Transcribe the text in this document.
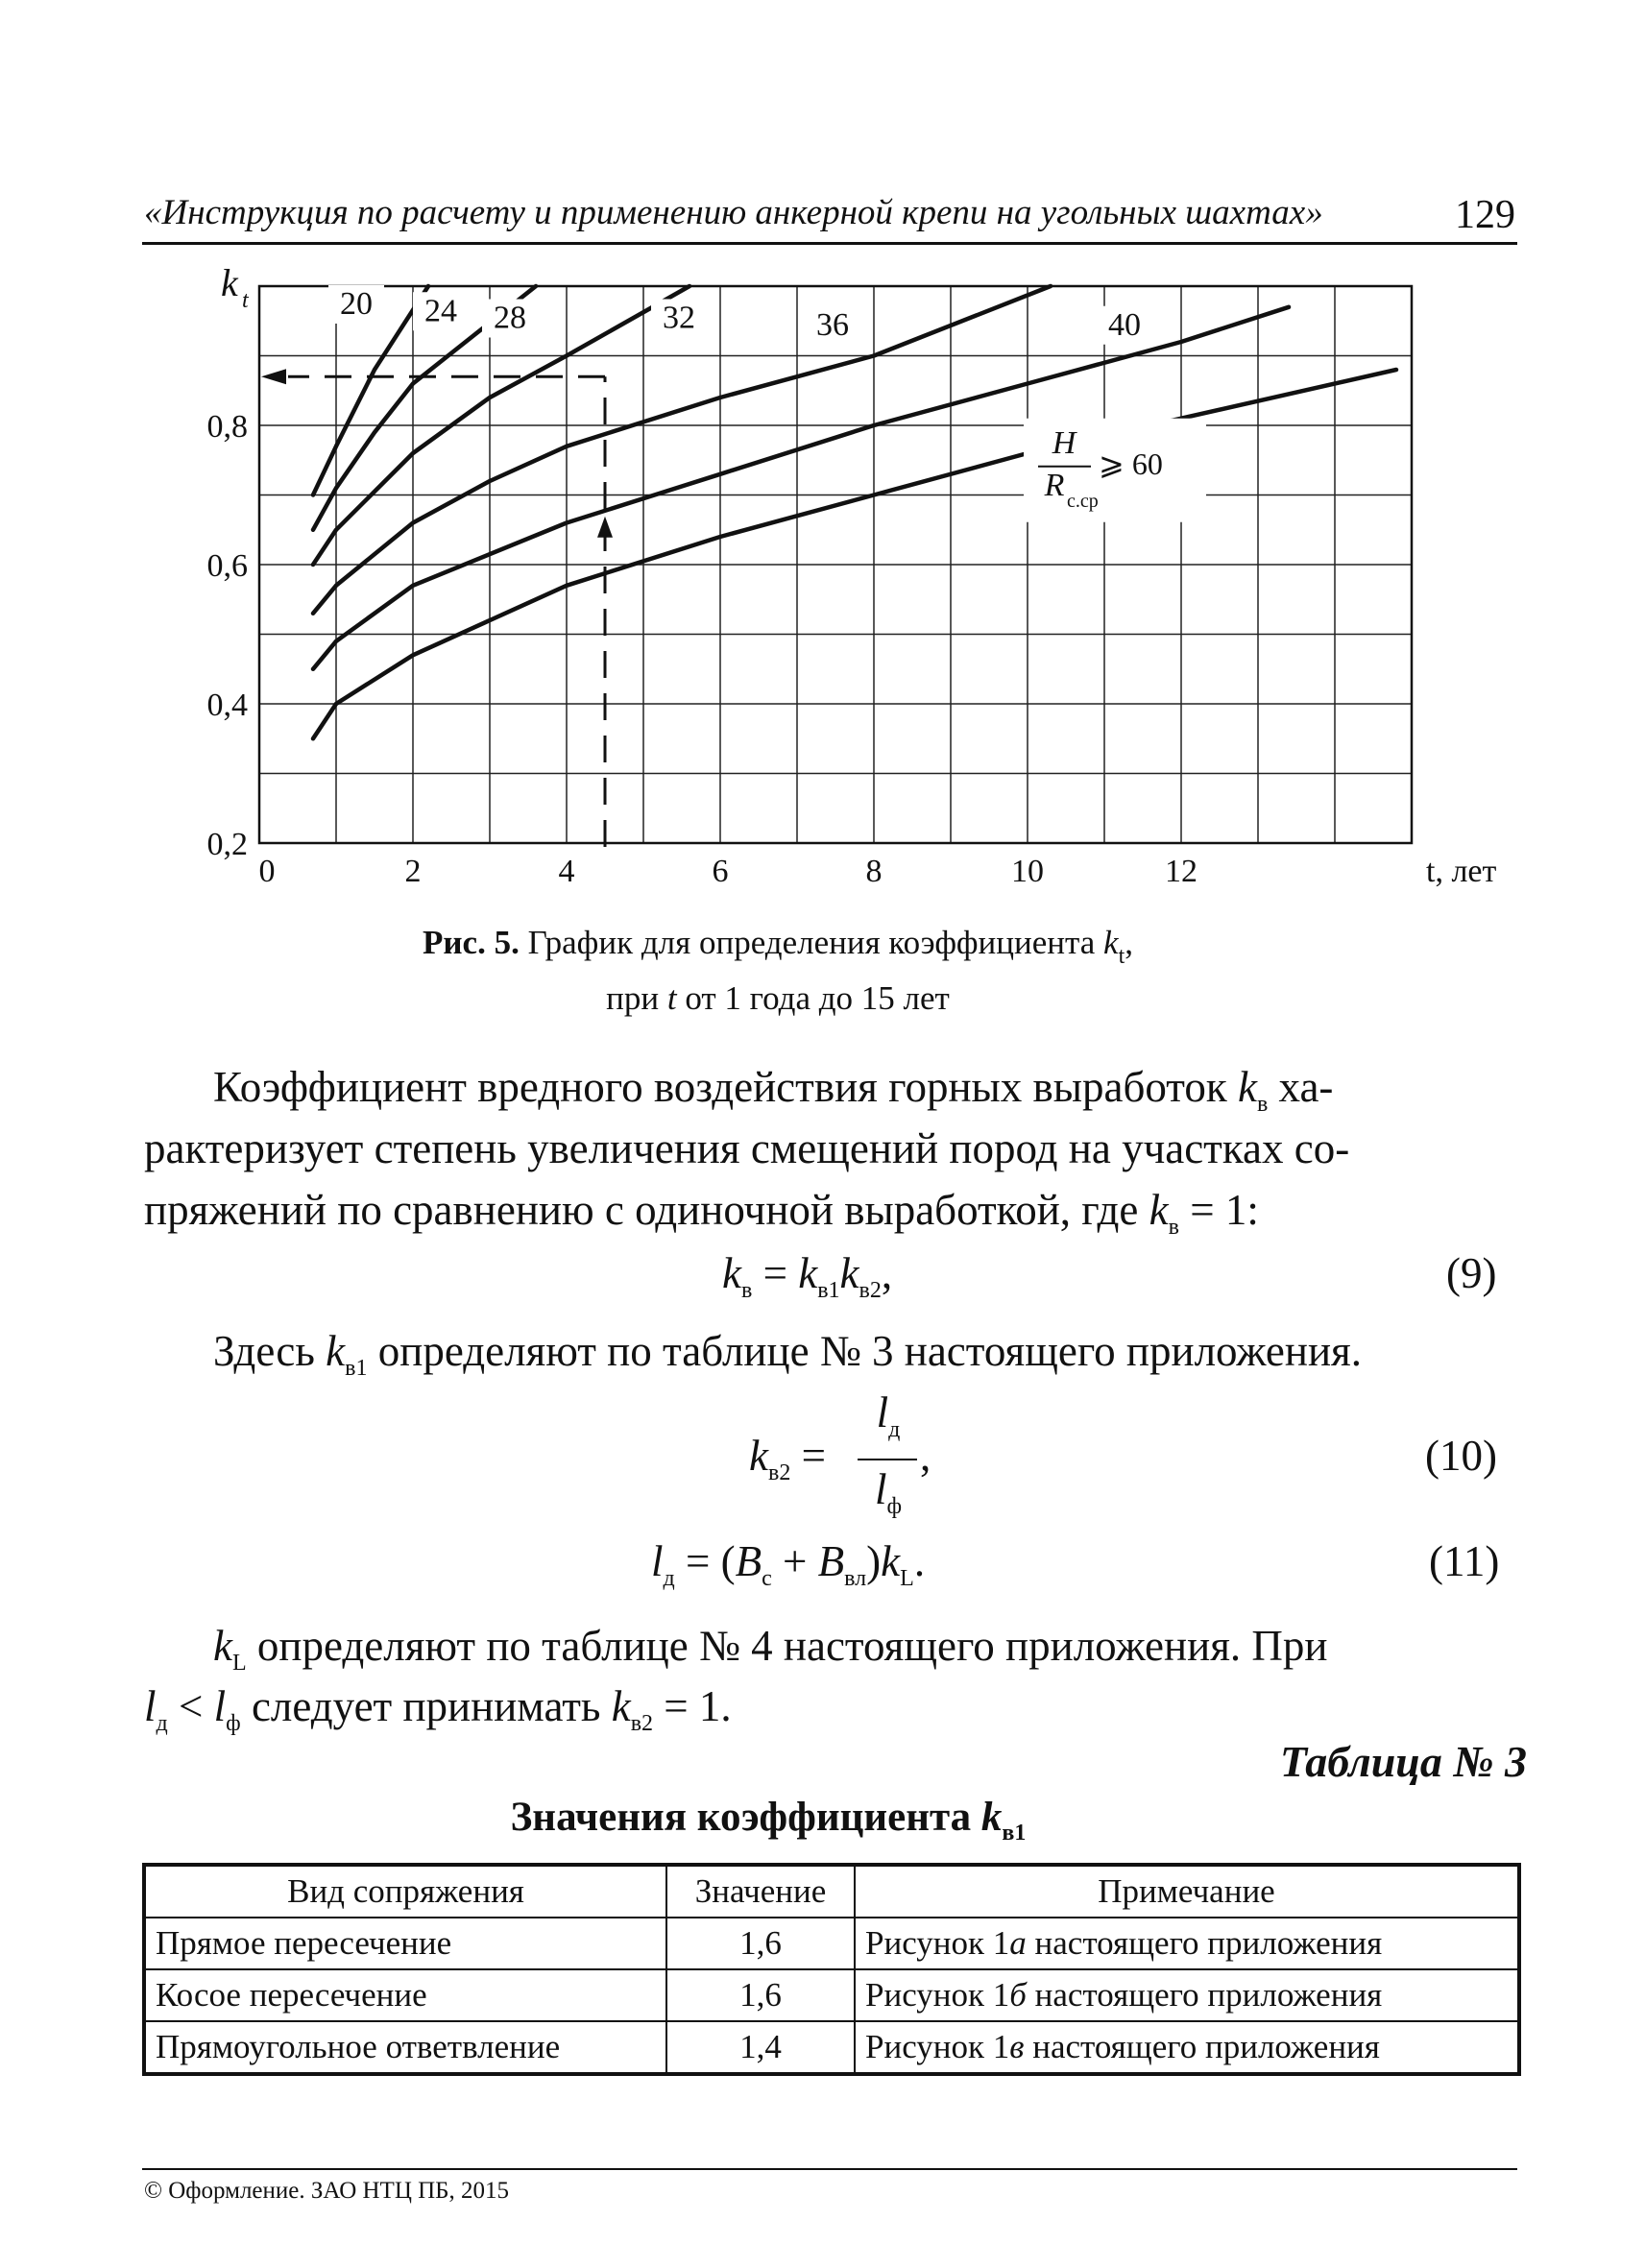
«Инструкция по расчету и применению анкерной крепи на угольных шахтах»	129
20 24 28	32	36	40
H
R с.ср
⩾ 60
0,2
0,4
0,6
0,8
0	2	4	6	8	10	12
k t
t, лет
Рис. 5. График для определения коэффициента $k_t$,
при t от 1 года до 15 лет
Коэффициент вредного воздействия горных выработок $k_в$ ха-
рактеризует степень увеличения смещений пород на участках со-
пряжений по сравнению с одиночной выработкой, где $k_в = 1$:
$k_в = k_{в1}k_{в2}$,	(9)
Здесь $k_{в1}$ определяют по таблице № 3 настоящего приложения.
$k_{в2}$ =
$l_д$
$l_ф$
,	(10)
$l_д = (B_с + B_{вл})k_L$.	(11)
$k_L$ определяют по таблице № 4 настоящего приложения. При
$l_д < l_ф$ следует принимать $k_{в2} = 1$.
Таблица № 3
Значения коэффициента $k_{в1}$
Вид сопряжения	Значение	Примечание
Прямое пересечение	1,6	Рисунок 1а настоящего приложения
Косое пересечение	1,6	Рисунок 1б настоящего приложения
Прямоугольное ответвление	1,4	Рисунок 1в настоящего приложения
© Оформление. ЗАО НТЦ ПБ, 2015
